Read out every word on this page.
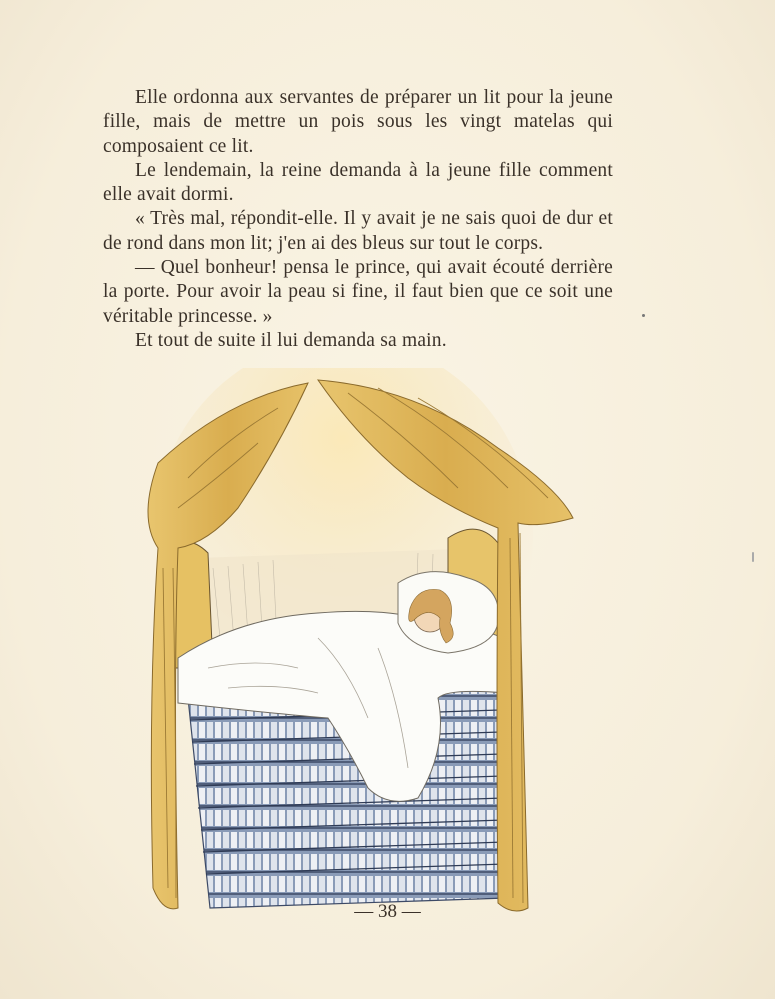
Elle ordonna aux servantes de préparer un lit pour la jeune fille, mais de mettre un pois sous les vingt matelas qui composaient ce lit.

Le lendemain, la reine demanda à la jeune fille comment elle avait dormi.

« Très mal, répondit-elle. Il y avait je ne sais quoi de dur et de rond dans mon lit; j'en ai des bleus sur tout le corps.

— Quel bonheur! pensa le prince, qui avait écouté derrière la porte. Pour avoir la peau si fine, il faut bien que ce soit une véritable princesse. »

Et tout de suite il lui demanda sa main.

— 38 —
